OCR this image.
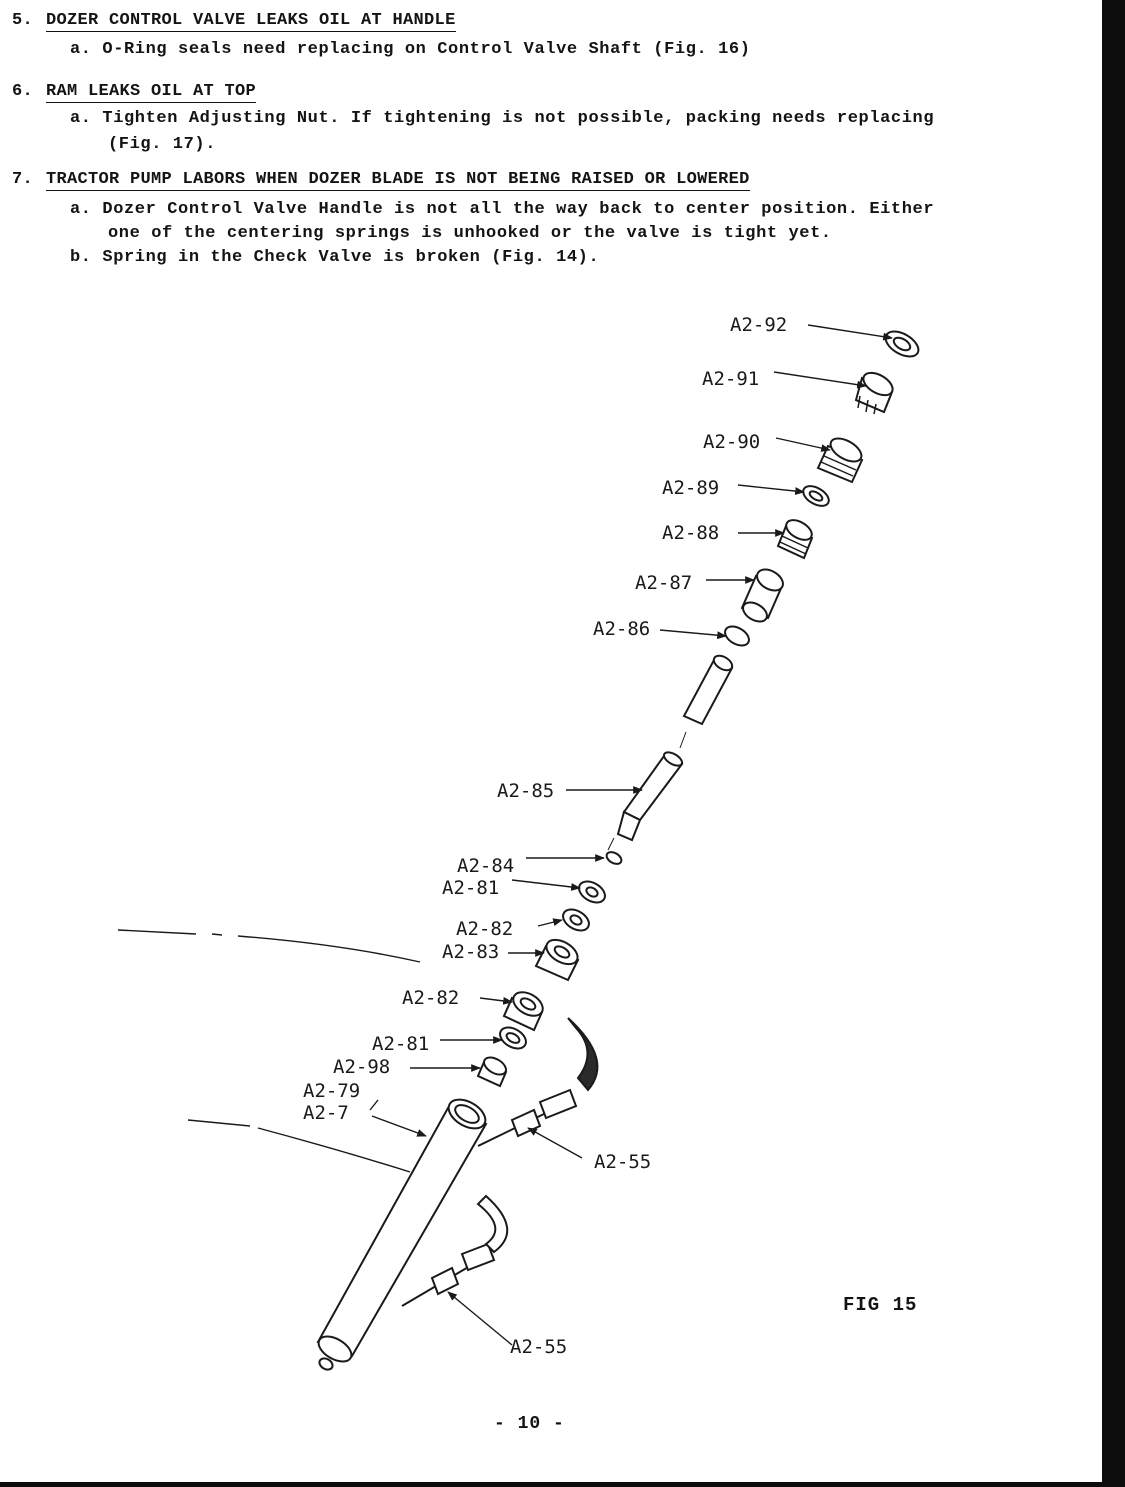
5. DOZER CONTROL VALVE LEAKS OIL AT HANDLE
a. O-Ring seals need replacing on Control Valve Shaft (Fig. 16)
6. RAM LEAKS OIL AT TOP
a. Tighten Adjusting Nut. If tightening is not possible, packing needs replacing
(Fig. 17).
7. TRACTOR PUMP LABORS WHEN DOZER BLADE IS NOT BEING RAISED OR LOWERED
a. Dozer Control Valve Handle is not all the way back to center position. Either
one of the centering springs is unhooked or the valve is tight yet.
b. Spring in the Check Valve is broken (Fig. 14).
A2-92
A2-91
A2-90
A2-89
A2-88
A2-87
A2-86
A2-85
A2-84
A2-81
A2-82
A2-83
A2-82
A2-81
A2-98
A2-79
A2-7
A2-55
A2-55
FIG 15
- 10 -
